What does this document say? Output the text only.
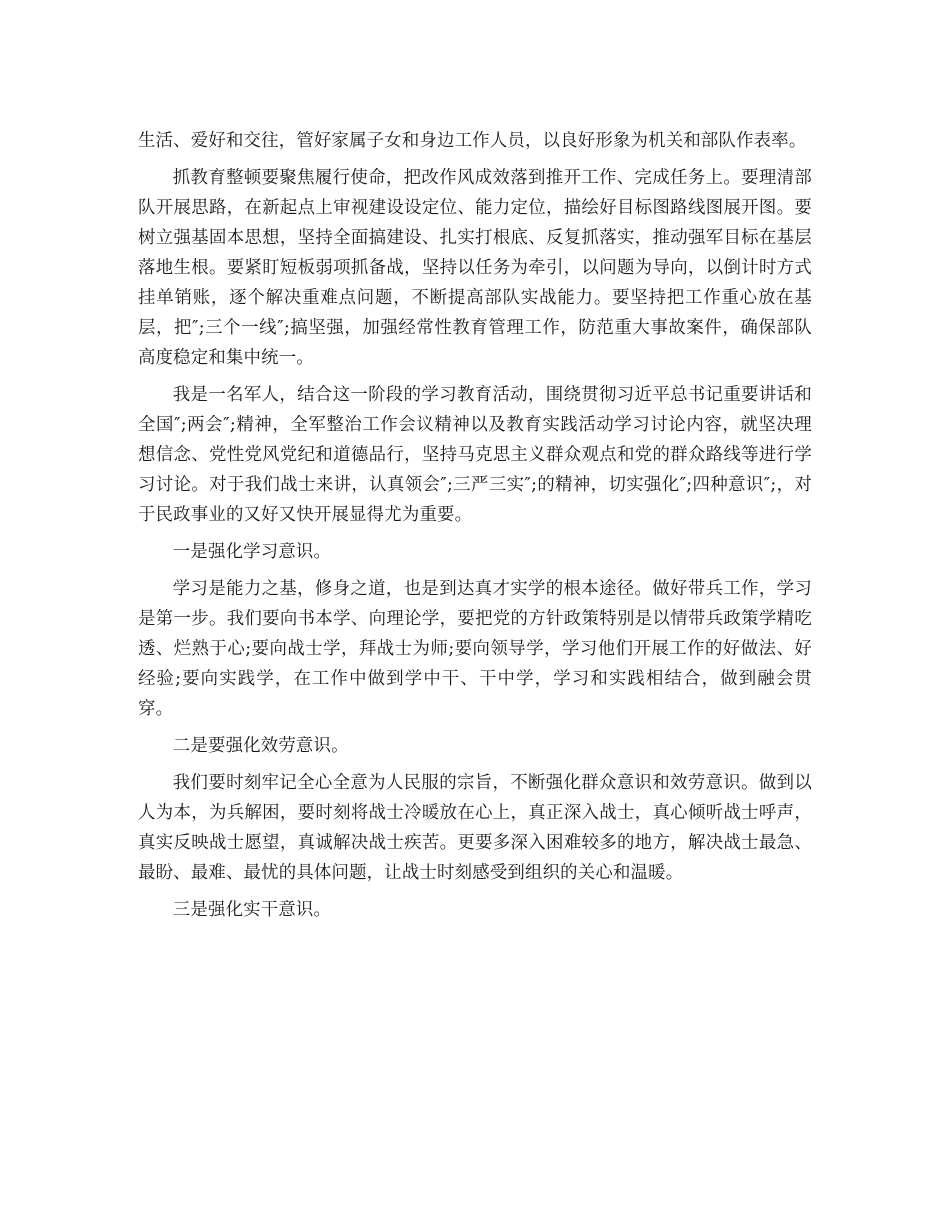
生活、爱好和交往，管好家属子女和身边工作人员，以良好形象为机关和部队作表率。

抓教育整顿要聚焦履行使命，把改作风成效落到推开工作、完成任务上。要理清部队开展思路，在新起点上审视建设设定位、能力定位，描绘好目标图路线图展开图。要树立强基固本思想，坚持全面搞建设、扎实打根底、反复抓落实，推动强军目标在基层落地生根。要紧盯短板弱项抓备战，坚持以任务为牵引，以问题为导向，以倒计时方式挂单销账，逐个解决重难点问题，不断提高部队实战能力。要坚持把工作重心放在基层，把″;三个一线″;搞坚强，加强经常性教育管理工作，防范重大事故案件，确保部队高度稳定和集中统一。

我是一名军人，结合这一阶段的学习教育活动，围绕贯彻习近平总书记重要讲话和全国″;两会″;精神，全军整治工作会议精神以及教育实践活动学习讨论内容，就坚决理想信念、党性党风党纪和道德品行，坚持马克思主义群众观点和党的群众路线等进行学习讨论。对于我们战士来讲，认真领会″;三严三实″;的精神，切实强化″;四种意识″;，对于民政事业的又好又快开展显得尤为重要。

一是强化学习意识。

学习是能力之基，修身之道，也是到达真才实学的根本途径。做好带兵工作，学习是第一步。我们要向书本学、向理论学，要把党的方针政策特别是以情带兵政策学精吃透、烂熟于心;要向战士学，拜战士为师;要向领导学，学习他们开展工作的好做法、好经验;要向实践学，在工作中做到学中干、干中学，学习和实践相结合，做到融会贯穿。

二是要强化效劳意识。

我们要时刻牢记全心全意为人民服的宗旨，不断强化群众意识和效劳意识。做到以人为本，为兵解困，要时刻将战士冷暖放在心上，真正深入战士，真心倾听战士呼声，真实反映战士愿望，真诚解决战士疾苦。更要多深入困难较多的地方，解决战士最急、最盼、最难、最忧的具体问题，让战士时刻感受到组织的关心和温暖。

三是强化实干意识。
